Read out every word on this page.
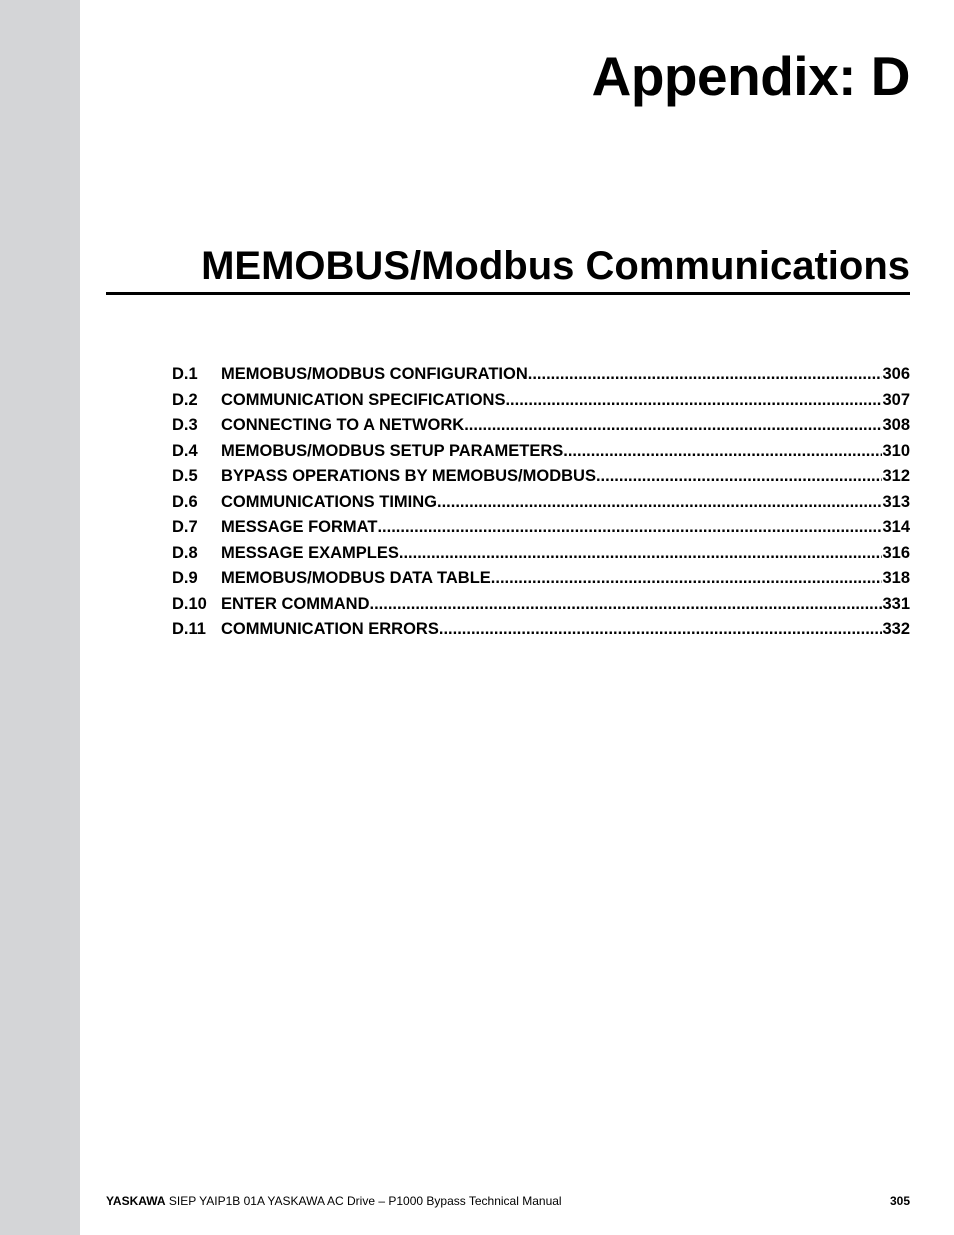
Appendix: D
MEMOBUS/Modbus Communications
D.1	MEMOBUS/MODBUS CONFIGURATION .....	306
D.2	COMMUNICATION SPECIFICATIONS .....	307
D.3	CONNECTING TO A NETWORK .....	308
D.4	MEMOBUS/MODBUS SETUP PARAMETERS .....	310
D.5	BYPASS OPERATIONS BY MEMOBUS/MODBUS .....	312
D.6	COMMUNICATIONS TIMING .....	313
D.7	MESSAGE FORMAT .....	314
D.8	MESSAGE EXAMPLES .....	316
D.9	MEMOBUS/MODBUS DATA TABLE .....	318
D.10 ENTER COMMAND .....	331
D.11 COMMUNICATION ERRORS .....	332
YASKAWA SIEP YAIP1B 01A YASKAWA AC Drive – P1000 Bypass Technical Manual	305
